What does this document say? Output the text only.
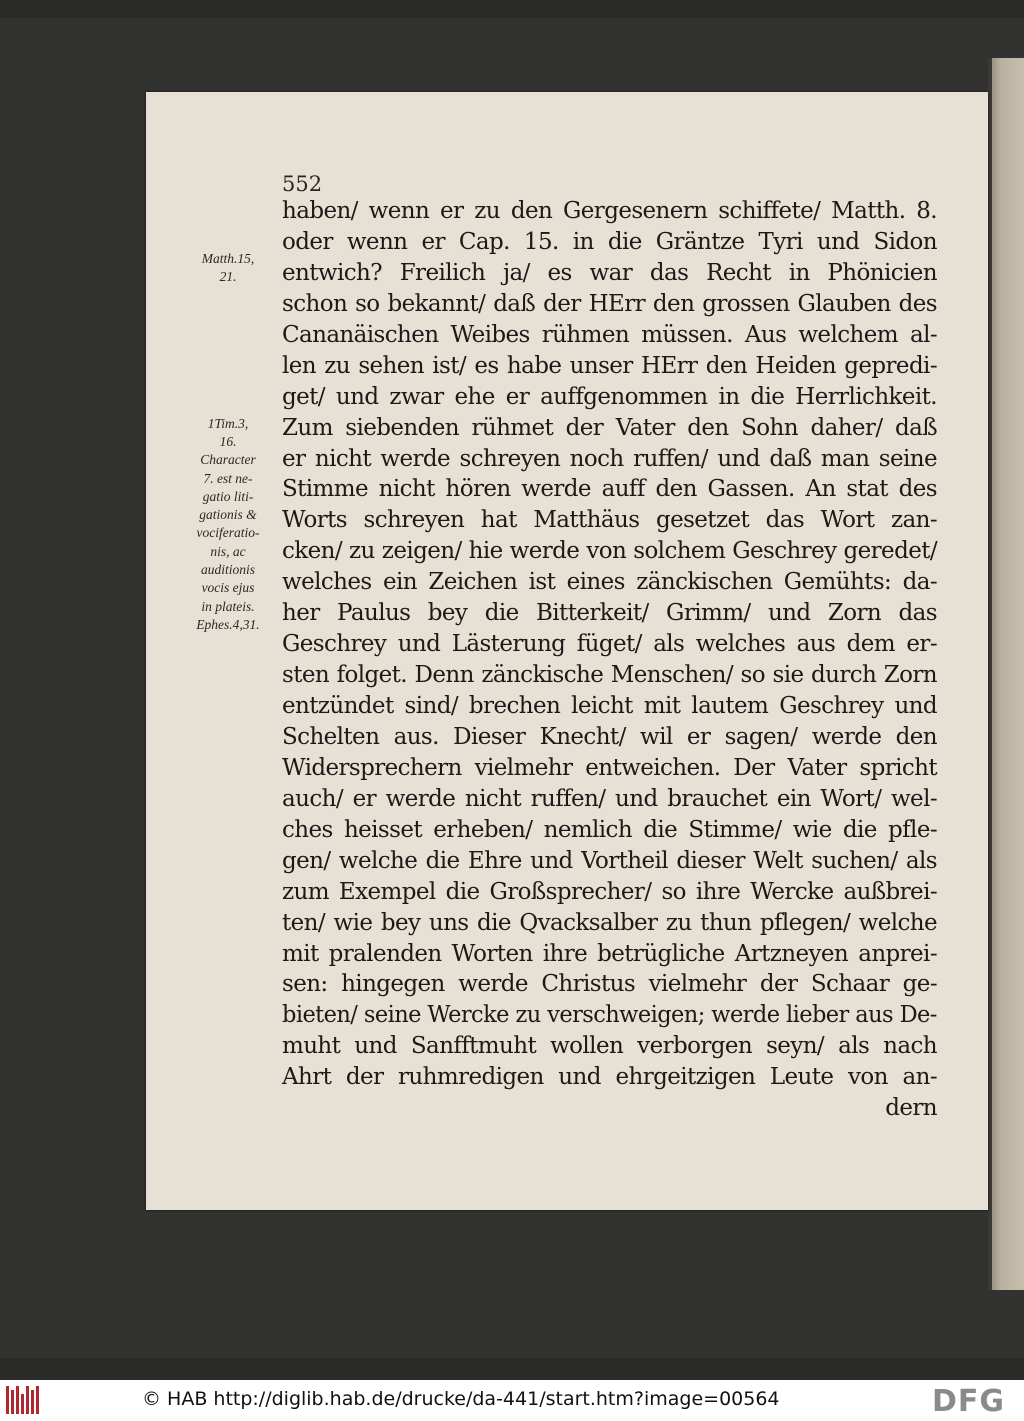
552

Matth.15,
21.
1Tim.3,
16.
Character
7. est ne-
gatio liti-
gationis &
vociferatio-
nis, ac
auditionis
vocis ejus
in plateis.
Ephes.4,31.
haben/ wenn er zu den Gergesenern schiffete/ Matth. 8.
oder wenn er Cap. 15. in die Gräntze Tyri und Sidon
entwich? Freilich ja/ es war das Recht in Phönicien
schon so bekannt/ daß der HErr den grossen Glauben des
Cananäischen Weibes rühmen müssen. Aus welchem al-
len zu sehen ist/ es habe unser HErr den Heiden gepredi-
get/ und zwar ehe er auffgenommen in die Herrlichkeit.
Zum siebenden rühmet der Vater den Sohn daher/ daß
er nicht werde schreyen noch ruffen/ und daß man seine
Stimme nicht hören werde auff den Gassen. An stat des
Worts schreyen hat Matthäus gesetzet das Wort zan-
cken/ zu zeigen/ hie werde von solchem Geschrey geredet/
welches ein Zeichen ist eines zänckischen Gemühts: da-
her Paulus bey die Bitterkeit/ Grimm/ und Zorn das
Geschrey und Lästerung füget/ als welches aus dem er-
sten folget. Denn zänckische Menschen/ so sie durch Zorn
entzündet sind/ brechen leicht mit lautem Geschrey und
Schelten aus. Dieser Knecht/ wil er sagen/ werde den
Widersprechern vielmehr entweichen. Der Vater spricht
auch/ er werde nicht ruffen/ und brauchet ein Wort/ wel-
ches heisset erheben/ nemlich die Stimme/ wie die pfle-
gen/ welche die Ehre und Vortheil dieser Welt suchen/ als
zum Exempel die Großsprecher/ so ihre Wercke außbrei-
ten/ wie bey uns die Qvacksalber zu thun pflegen/ welche
mit pralenden Worten ihre betrügliche Artzneyen anprei-
sen: hingegen werde Christus vielmehr der Schaar ge-
bieten/ seine Wercke zu verschweigen; werde lieber aus De-
muht und Sanfftmuht wollen verborgen seyn/ als nach
Ahrt der ruhmredigen und ehrgeitzigen Leute von an-
dern
© HAB http://diglib.hab.de/drucke/da-441/start.htm?image=00564	DFG
